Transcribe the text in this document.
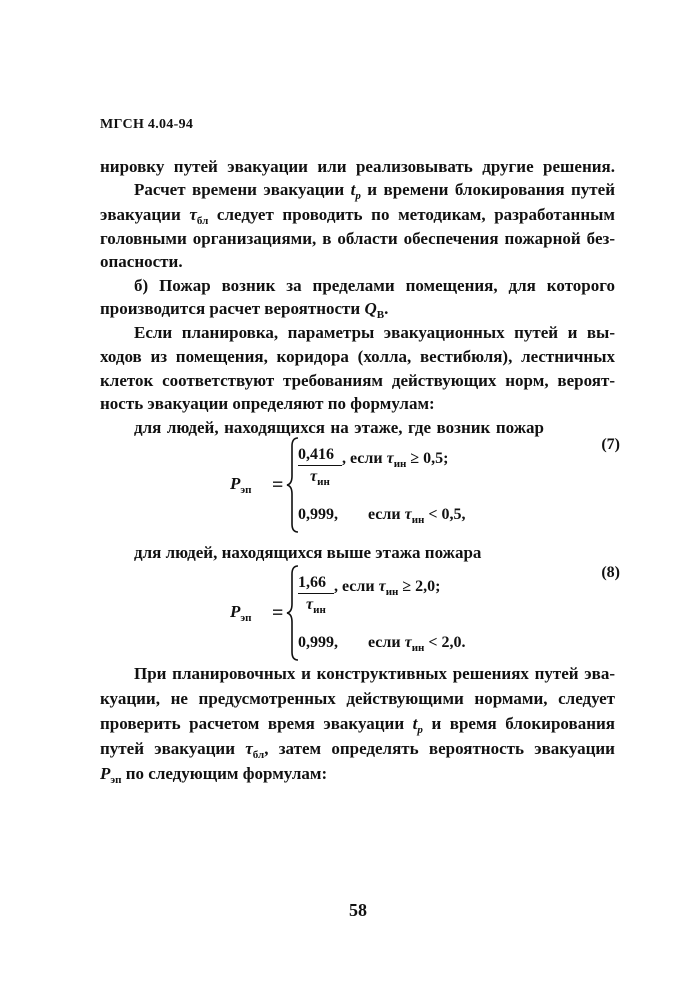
МГСН 4.04-94
нировку путей эвакуации или реализовывать другие решения.
Расчет времени эвакуации $t_р$ и времени блокирования путей
эвакуации $\tau_{бл}$ следует проводить по методикам, разработанным
головными организациями, в области обеспечения пожарной без-
опасности.
б) Пожар возник за пределами помещения, для которого
производится расчет вероятности $Q_В$.
Если планировка, параметры эвакуационных путей и вы-
ходов из помещения, коридора (холла, вестибюля), лестничных
клеток соответствуют требованиям действующих норм, вероят-
ность эвакуации определяют по формулам:
для людей, находящихся на этаже, где возник пожар
$P_{эп}$ =
0,416
$\tau_{ин}$
, если $\tau_{ин} \ge 0,5$;
0,999, если $\tau_{ин} < 0,5$,
(7)
для людей, находящихся выше этажа пожара
$P_{эп}$ =
1,66
$\tau_{ин}$
, если $\tau_{ин} \ge 2,0$;
0,999, если $\tau_{ин} < 2,0$.
(8)
При планировочных и конструктивных решениях путей эва-
куации, не предусмотренных действующими нормами, следует
проверить расчетом время эвакуации $t_р$ и время блокирования
путей эвакуации $\tau_{бл}$, затем определять вероятность эвакуации
$P_{эп}$ по следующим формулам:
58
